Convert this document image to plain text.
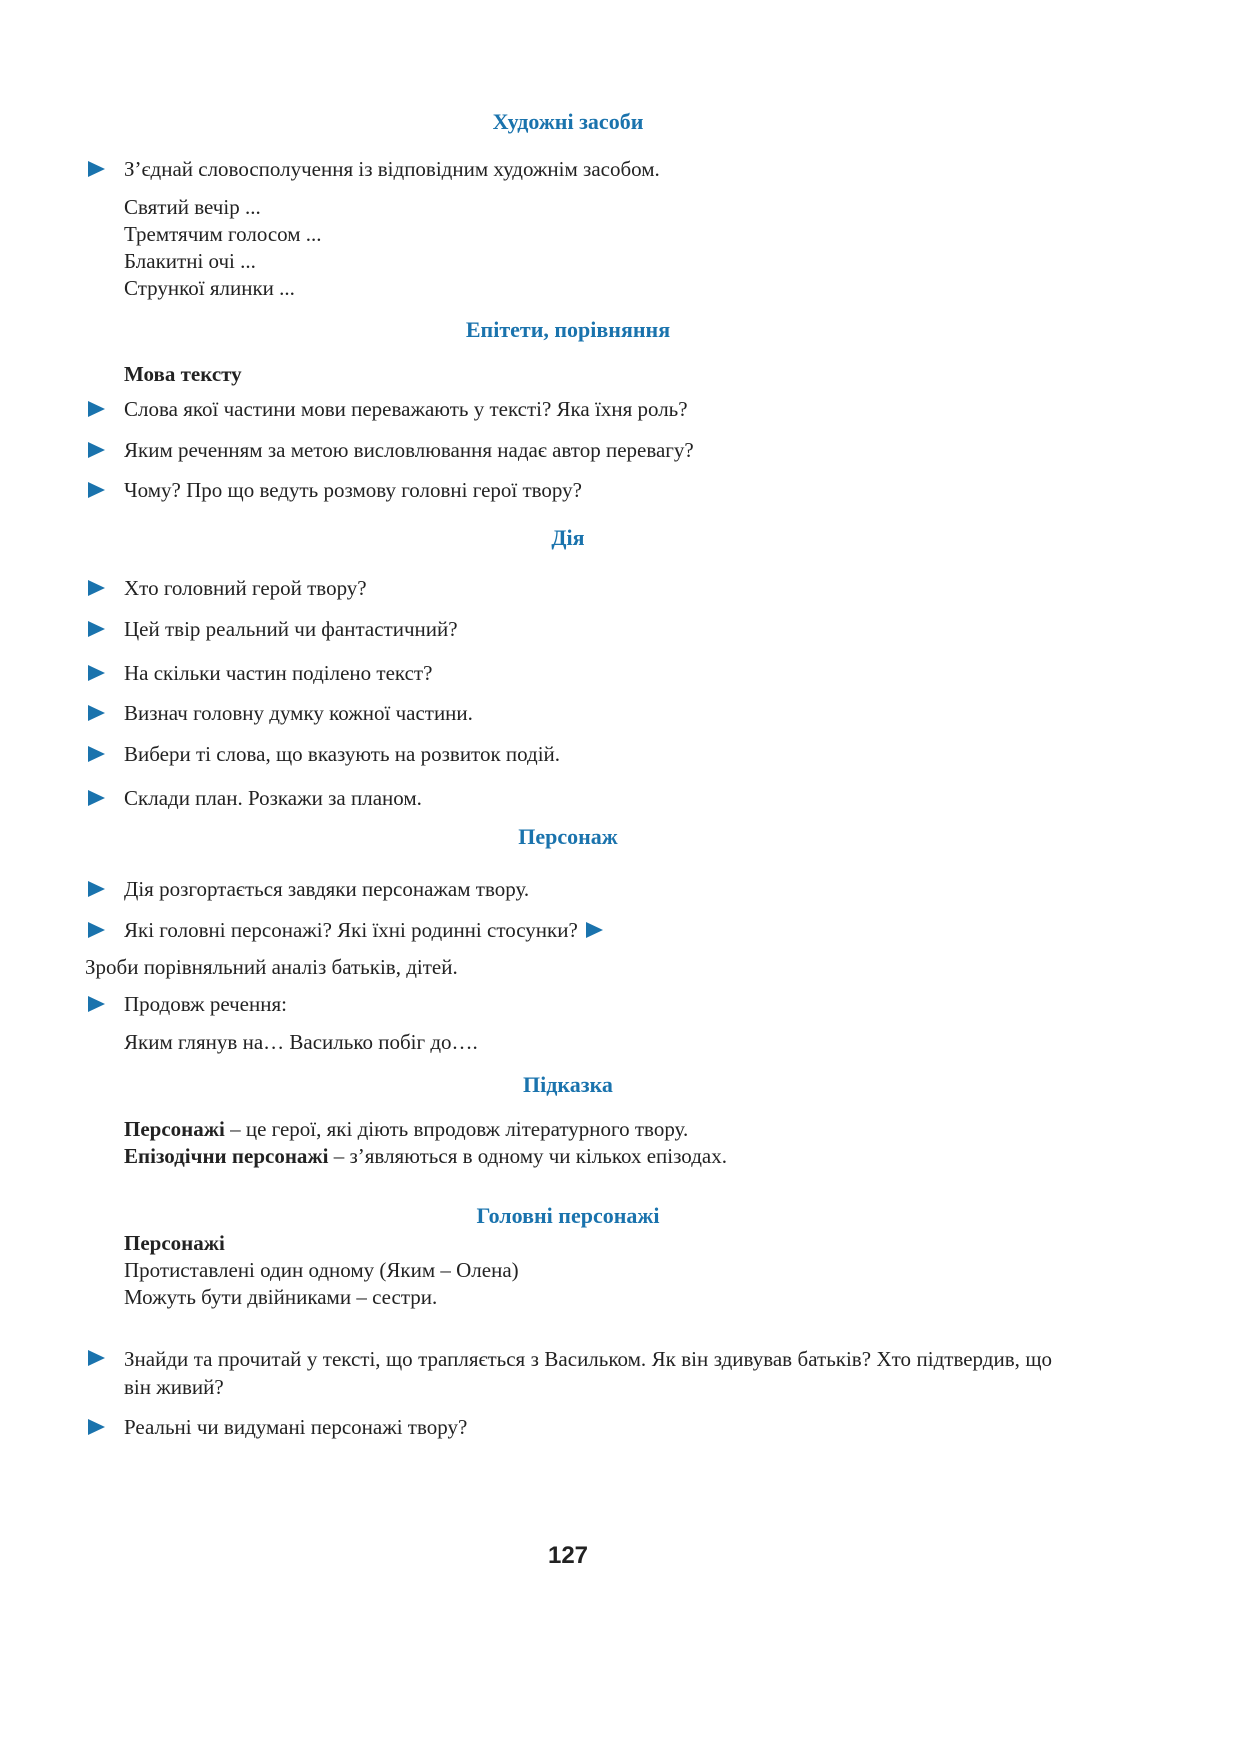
Художні засоби
З’єднай словосполучення із відповідним художнім засобом.
Святий вечір ...
Тремтячим голосом ...
Блакитні очі ...
Стрункої ялинки ...
Епітети, порівняння
Мова тексту
Слова якої частини мови переважають у тексті? Яка їхня роль?
Яким реченням за метою висловлювання надає автор перевагу?
Чому? Про що ведуть розмову головні герої твору?
Дія
Хто головний герой твору?
Цей твір реальний чи фантастичний?
На скільки частин поділено текст?
Визнач головну думку кожної частини.
Вибери ті слова, що вказують на розвиток подій.
Склади план. Розкажи за планом.
Персонаж
Дія розгортається завдяки персонажам твору.
Які головні персонажі? Які їхні родинні стосунки?
Зроби порівняльний аналіз батьків, дітей.
Продовж речення:
Яким глянув на… Василько побіг до….
Підказка
Персонажі – це герої, які діють впродовж літературного твору.
Епізодічни персонажі – з’являються в одному чи кількох епізодах.
Головні персонажі
Персонажі
Протиставлені один одному (Яким – Олена)
Можуть бути двійниками – сестри.
Знайди та прочитай у тексті, що трапляється з Васильком. Як він здивував батьків? Хто підтвердив, що він живий?
Реальні чи видумані персонажі твору?
127
